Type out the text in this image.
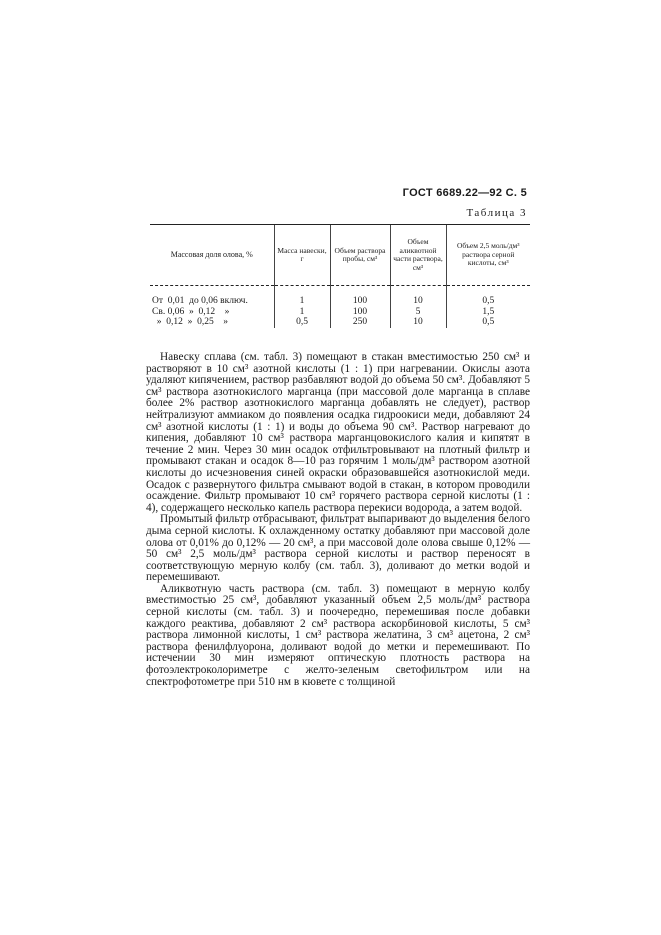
ГОСТ 6689.22—92 С. 5
Таблица 3
Массовая доля олова, %	Масса навески, г	Объем раствора пробы, см³	Объем аликвотной части раствора, см³	Объем 2,5 моль/дм³ раствора серной кислоты, см³
От  0,01  до 0,06 включ.	1	100	10	0,5
Св. 0,06  »  0,12    »	1	100	5	1,5
»  0,12  »  0,25    »	0,5	250	10	0,5

Навеску сплава (см. табл. 3) помещают в стакан вместимостью 250 см³ и растворяют в 10 см³ азотной кислоты (1 : 1) при нагревании. Окислы азота удаляют кипячением, раствор разбавляют водой до объема 50 см³. Добавляют 5 см³ раствора азотнокислого марганца (при массовой доле марганца в сплаве более 2% раствор азотнокислого марганца добавлять не следует), раствор нейтрализуют аммиаком до появления осадка гидроокиси меди, добавляют 24 см³ азотной кислоты (1 : 1) и воды до объема 90 см³. Раствор нагревают до кипения, добавляют 10 см³ раствора марганцовокислого калия и кипятят в течение 2 мин. Через 30 мин осадок отфильтровывают на плотный фильтр и промывают стакан и осадок 8—10 раз горячим 1 моль/дм³ раствором азотной кислоты до исчезновения синей окраски образовавшейся азотнокислой меди. Осадок с развернутого фильтра смывают водой в стакан, в котором проводили осаждение. Фильтр промывают 10 см³ горячего раствора серной кислоты (1 : 4), содержащего несколько капель раствора перекиси водорода, а затем водой.

Промытый фильтр отбрасывают, фильтрат выпаривают до выделения белого дыма серной кислоты. К охлажденному остатку добавляют при массовой доле олова от 0,01% до 0,12% — 20 см³, а при массовой доле олова свыше 0,12% — 50 см³ 2,5 моль/дм³ раствора серной кислоты и раствор переносят в соответствующую мерную колбу (см. табл. 3), доливают до метки водой и перемешивают.

Аликвотную часть раствора (см. табл. 3) помещают в мерную колбу вместимостью 25 см³, добавляют указанный объем 2,5 моль/дм³ раствора серной кислоты (см. табл. 3) и поочередно, перемешивая после добавки каждого реактива, добавляют 2 см³ раствора аскорбиновой кислоты, 5 см³ раствора лимонной кислоты, 1 см³ раствора желатина, 3 см³ ацетона, 2 см³ раствора фенилфлуорона, доливают водой до метки и перемешивают. По истечении 30 мин измеряют оптическую плотность раствора на фотоэлектроколориметре с желто-зеленым светофильтром или на спектрофотометре при 510 нм в кювете с толщиной
